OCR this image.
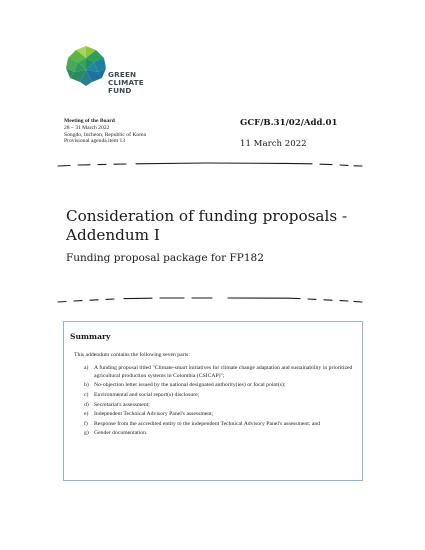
GREEN
CLIMATE
FUND
Meeting of the Board
28 – 31 March 2022
Songdo, Incheon, Republic of Korea
Provisional agenda item 13
GCF/B.31/02/Add.01
11 March 2022
Consideration of funding proposals -
Addendum I
Funding proposal package for FP182
Summary
This addendum contains the following seven parts:
a) A funding proposal titled "Climate-smart initiatives for climate change adaptation and sustainability in prioritized agricultural production systems in Colombia (CSICAP)";
b) No-objection letter issued by the national designated authority(ies) or focal point(s);
c) Environmental and social report(s) disclosure;
d) Secretariat's assessment;
e) Independent Technical Advisory Panel's assessment;
f)	Response from the accredited entity to the independent Technical Advisory Panel's assessment; and
g) Gender documentation.
